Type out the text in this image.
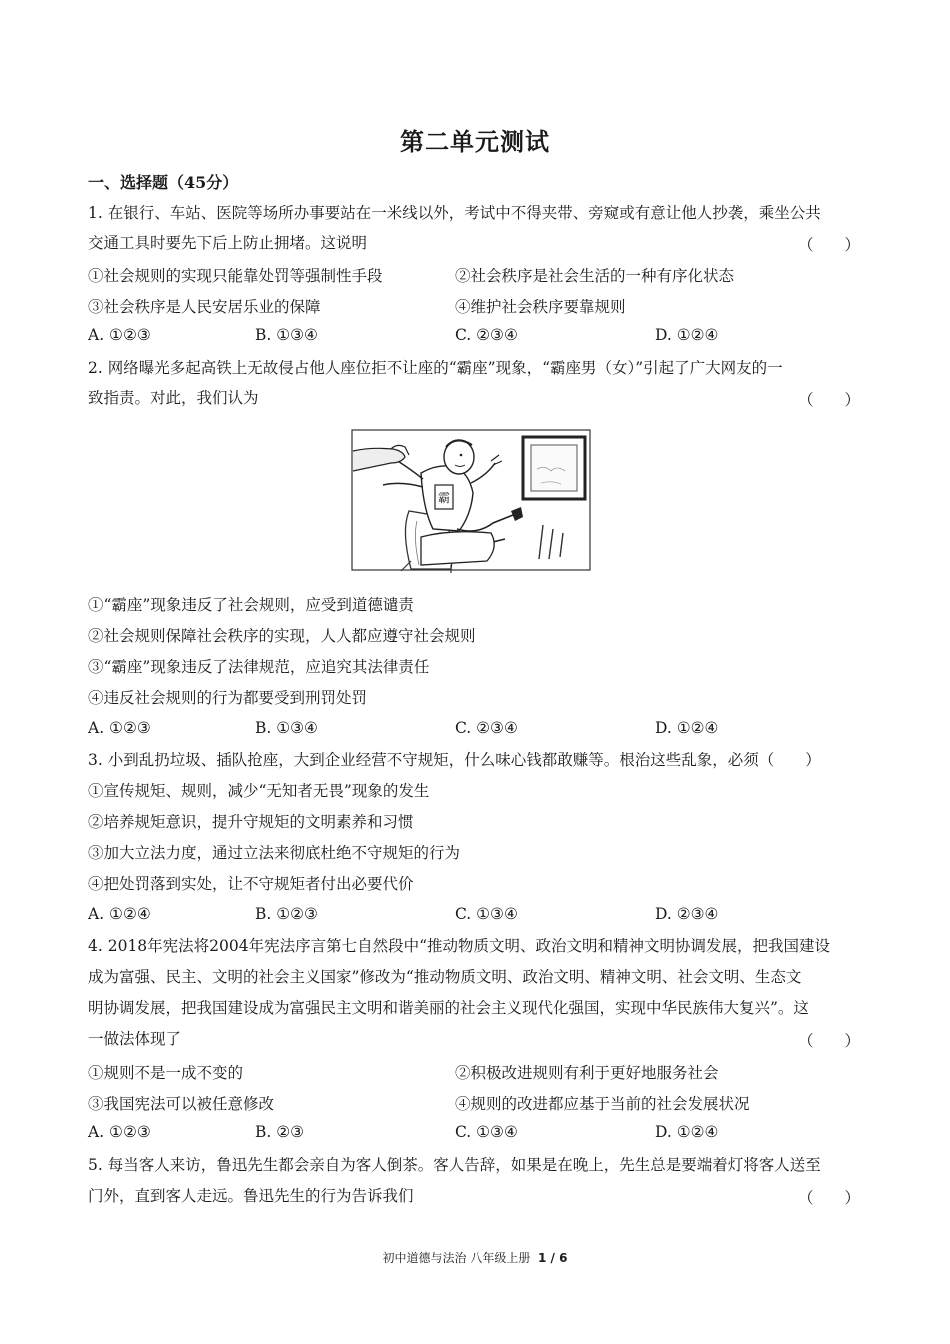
第二单元测试
一、选择题（45分）
1. 在银行、车站、医院等场所办事要站在一米线以外，考试中不得夹带、旁窥或有意让他人抄袭，乘坐公共
交通工具时要先下后上防止拥堵。这说明	（　　）
①社会规则的实现只能靠处罚等强制性手段	②社会秩序是社会生活的一种有序化状态
③社会秩序是人民安居乐业的保障	④维护社会秩序要靠规则
A. ①②③	B. ①③④	C. ②③④	D. ①②④
2. 网络曝光多起高铁上无故侵占他人座位拒不让座的“霸座”现象，“霸座男（女）”引起了广大网友的一
致指责。对此，我们认为	（　　）
霸
①“霸座”现象违反了社会规则，应受到道德谴责
②社会规则保障社会秩序的实现，人人都应遵守社会规则
③“霸座”现象违反了法律规范，应追究其法律责任
④违反社会规则的行为都要受到刑罚处罚
A. ①②③	B. ①③④	C. ②③④	D. ①②④
3. 小到乱扔垃圾、插队抢座，大到企业经营不守规矩，什么味心钱都敢赚等。根治这些乱象，必须（　　）
①宣传规矩、规则，减少“无知者无畏”现象的发生
②培养规矩意识，提升守规矩的文明素养和习惯
③加大立法力度，通过立法来彻底杜绝不守规矩的行为
④把处罚落到实处，让不守规矩者付出必要代价
A. ①②④	B. ①②③	C. ①③④	D. ②③④
4. 2018年宪法将2004年宪法序言第七自然段中“推动物质文明、政治文明和精神文明协调发展，把我国建设
成为富强、民主、文明的社会主义国家”修改为“推动物质文明、政治文明、精神文明、社会文明、生态文
明协调发展，把我国建设成为富强民主文明和谐美丽的社会主义现代化强国，实现中华民族伟大复兴”。这
一做法体现了	（　　）
①规则不是一成不变的	②积极改进规则有利于更好地服务社会
③我国宪法可以被任意修改	④规则的改进都应基于当前的社会发展状况
A. ①②③	B. ②③	C. ①③④	D. ①②④
5. 每当客人来访，鲁迅先生都会亲自为客人倒茶。客人告辞，如果是在晚上，先生总是要端着灯将客人送至
门外，直到客人走远。鲁迅先生的行为告诉我们	（　　）
初中道德与法治 八年级上册 1 / 6
